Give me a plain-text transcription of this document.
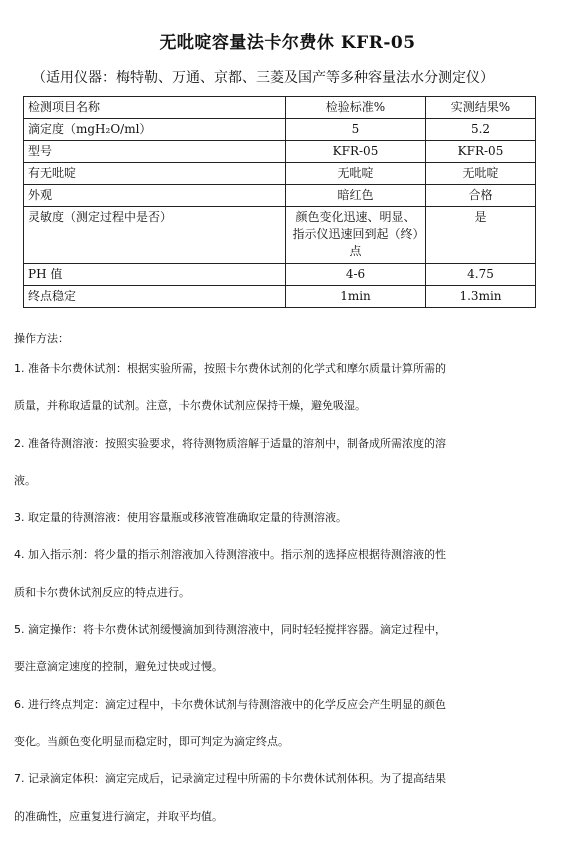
无吡啶容量法卡尔费休 KFR-05
（适用仪器：梅特勒、万通、京都、三菱及国产等多种容量法水分测定仪）
检测项目名称	检验标准%	实测结果%
滴定度（mgH₂O/ml）	5	5.2
型号	KFR-05	KFR-05
有无吡啶	无吡啶	无吡啶
外观	暗红色	合格
灵敏度（测定过程中是否）	颜色变化迅速、明显、指示仪迅速回到起（终）点	是
PH 值	4-6	4.75
终点稳定	1min	1.3min
操作方法：
1. 准备卡尔费休试剂：根据实验所需，按照卡尔费休试剂的化学式和摩尔质量计算所需的
质量，并称取适量的试剂。注意，卡尔费休试剂应保持干燥，避免吸湿。
2. 准备待测溶液：按照实验要求，将待测物质溶解于适量的溶剂中，制备成所需浓度的溶
液。
3. 取定量的待测溶液：使用容量瓶或移液管准确取定量的待测溶液。
4. 加入指示剂：将少量的指示剂溶液加入待测溶液中。指示剂的选择应根据待测溶液的性
质和卡尔费休试剂反应的特点进行。
5. 滴定操作：将卡尔费休试剂缓慢滴加到待测溶液中，同时轻轻搅拌容器。滴定过程中，
要注意滴定速度的控制，避免过快或过慢。
6. 进行终点判定：滴定过程中，卡尔费休试剂与待测溶液中的化学反应会产生明显的颜色
变化。当颜色变化明显而稳定时，即可判定为滴定终点。
7. 记录滴定体积：滴定完成后，记录滴定过程中所需的卡尔费休试剂体积。为了提高结果
的准确性，应重复进行滴定，并取平均值。
